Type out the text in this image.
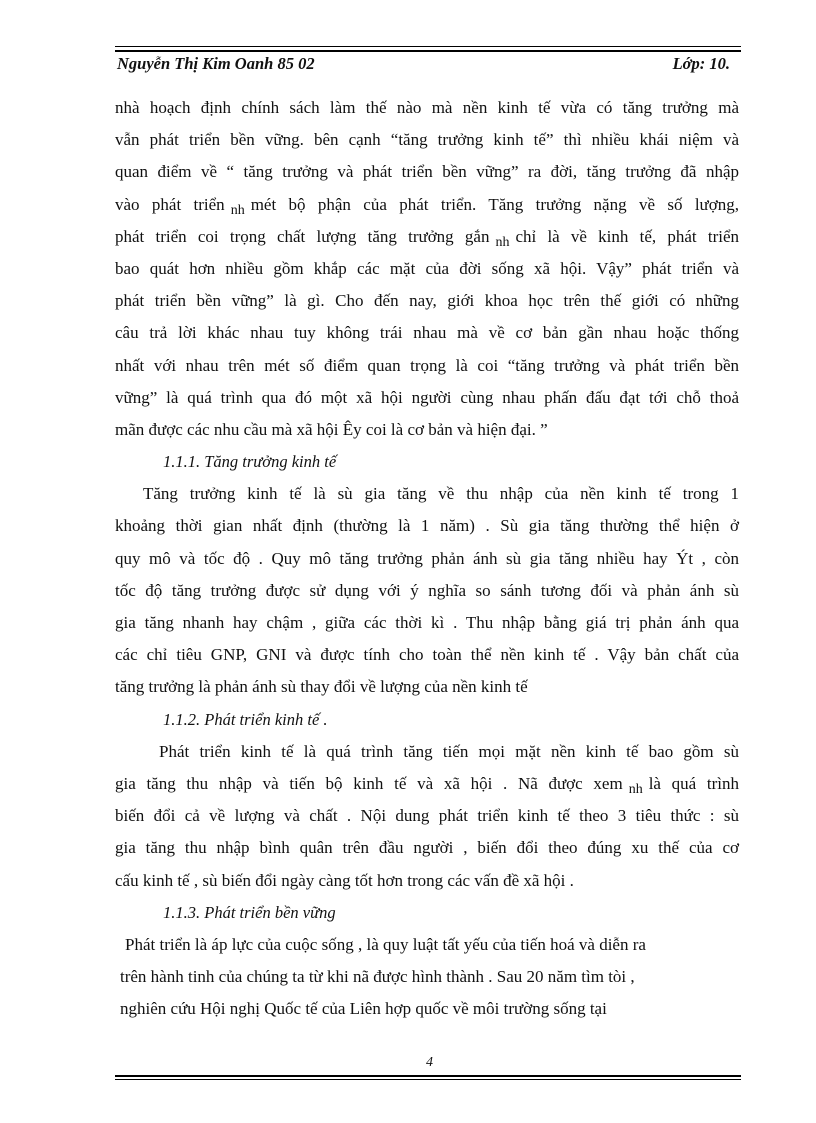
Nguyễn Thị Kim Oanh 85 02	Lớp: 10.
nhà hoạch định chính sách làm thế nào mà nền kinh tế vừa có tăng trưởng mà
vẫn phát triển bền vững. bên cạnh “tăng trưởng kinh tế” thì nhiều khái niệm và
quan điểm về “ tăng trưởng và phát triển bền vững” ra đời, tăng trưởng đã nhập
vào phát triển $_{nh}$ mét bộ phận của phát triển. Tăng trưởng nặng về số lượng,
phát triển coi trọng chất lượng tăng trưởng gắn $_{nh}$ chỉ là về kinh tế, phát triển
bao quát hơn nhiều gồm khắp các mặt của đời sống xã hội. Vậy” phát triển và
phát triển bền vững” là gì. Cho đến nay, giới khoa học trên thế giới có những
câu trả lời khác nhau tuy không trái nhau mà về cơ bản gần nhau hoặc thống
nhất với nhau trên mét số điểm quan trọng là coi “tăng trưởng và phát triển bền
vững” là quá trình qua đó một xã hội người cùng nhau phấn đấu đạt tới chỗ thoả
mãn được các nhu cầu mà xã hội Êy coi là cơ bản và hiện đại. ”
1.1.1. Tăng trưởng kinh tế
Tăng trưởng kinh tế là sù gia tăng về thu nhập của nền kinh tế trong 1
khoảng thời gian nhất định (thường là 1 năm) . Sù gia tăng thường thể hiện ở
quy mô và tốc độ . Quy mô tăng trưởng phản ánh sù gia tăng nhiều hay Ýt , còn
tốc độ tăng trưởng được sử dụng với ý nghĩa so sánh tương đối và phản ánh sù
gia tăng nhanh hay chậm , giữa các thời kì . Thu nhập bằng giá trị phản ánh qua
các chỉ tiêu GNP, GNI và được tính cho toàn thể nền kinh tế . Vậy bản chất của
tăng trưởng là phản ánh sù thay đổi về lượng của nền kinh tế
1.1.2. Phát triển kinh tế .
Phát triển kinh tế là quá trình tăng tiến mọi mặt nền kinh tế bao gồm sù
gia tăng thu nhập và tiến bộ kinh tế và xã hội . Nã được xem $_{nh}$ là quá trình
biến đổi cả về lượng và chất . Nội dung phát triển kinh tế theo 3 tiêu thức : sù
gia tăng thu nhập bình quân trên đầu người , biến đổi theo đúng xu thế của cơ
cấu kinh tế , sù biến đổi ngày càng tốt hơn trong các vấn đề xã hội .
1.1.3. Phát triển bền vững
Phát triển là áp lực của cuộc sống , là quy luật tất yếu của tiến hoá và diễn ra
trên hành tinh của chúng ta từ khi nã được hình thành . Sau 20 năm tìm tòi ,
nghiên cứu Hội nghị Quốc tế của Liên hợp quốc về môi trường sống tại
4
